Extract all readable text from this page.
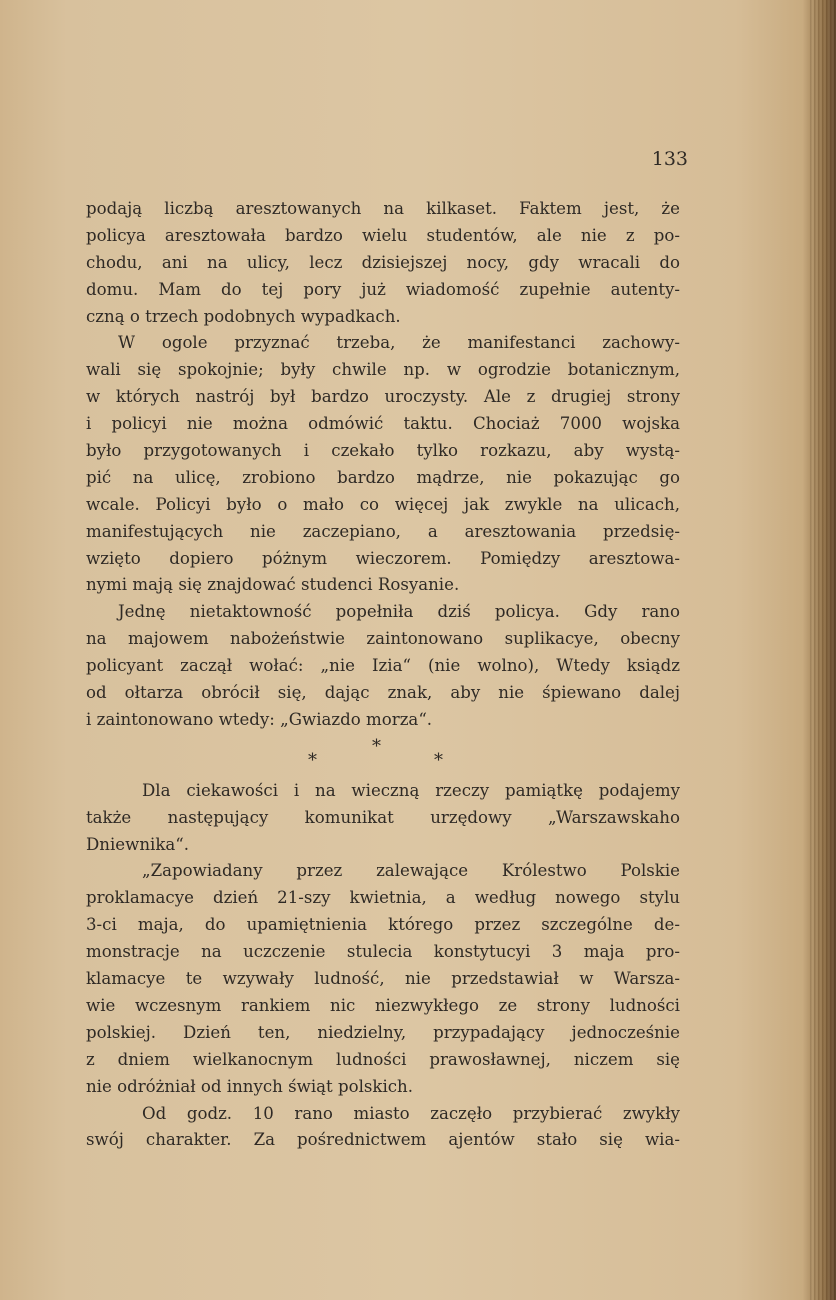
133
podają liczbą aresztowanych na kilkaset. Faktem jest, że
policya aresztowała bardzo wielu studentów, ale nie z po-
chodu, ani na ulicy, lecz dzisiejszej nocy, gdy wracali do
domu. Mam do tej pory już wiadomość zupełnie autenty-
czną o trzech podobnych wypadkach.
W ogole przyznać trzeba, że manifestanci zachowy-
wali się spokojnie; były chwile np. w ogrodzie botanicznym,
w których nastrój był bardzo uroczysty. Ale z drugiej strony
i policyi nie można odmówić taktu. Chociaż 7000 wojska
było przygotowanych i czekało tylko rozkazu, aby wystą-
pić na ulicę, zrobiono bardzo mądrze, nie pokazując go
wcale. Policyi było o mało co więcej jak zwykle na ulicach,
manifestujących nie zaczepiano, a aresztowania przedsię-
wzięto dopiero póżnym wieczorem. Pomiędzy aresztowa-
nymi mają się znajdować studenci Rosyanie.
Jednę nietaktowność popełniła dziś policya. Gdy rano
na majowem nabożeństwie zaintonowano suplikacye, obecny
policyant zaczął wołać: „nie Izia“ (nie wolno), Wtedy ksiądz
od ołtarza obrócił się, dając znak, aby nie śpiewano dalej
i zaintonowano wtedy: „Gwiazdo morza“.
*
*	*
Dla ciekawości i na wieczną rzeczy pamiątkę podajemy
także następujący komunikat urzędowy „Warszawskaho
Dniewnika“.
„Zapowiadany przez zalewające Królestwo Polskie
proklamacye dzień 21-szy kwietnia, a według nowego stylu
3-ci maja, do upamiętnienia którego przez szczególne de-
monstracje na uczczenie stulecia konstytucyi 3 maja pro-
klamacye te wzywały ludność, nie przedstawiał w Warsza-
wie wczesnym rankiem nic niezwykłego ze strony ludności
polskiej. Dzień ten, niedzielny, przypadający jednocześnie
z dniem wielkanocnym ludności prawosławnej, niczem się
nie odróżniał od innych świąt polskich.
Od godz. 10 rano miasto zaczęło przybierać zwykły
swój charakter. Za pośrednictwem ajentów stało się wia-
